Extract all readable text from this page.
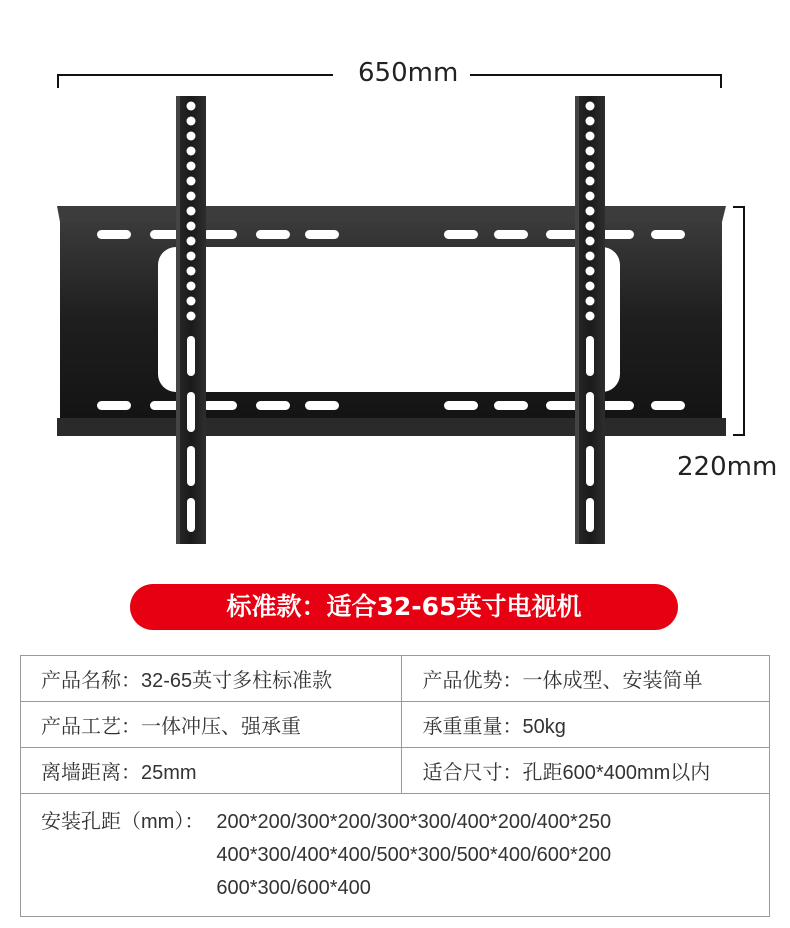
650mm
220mm
标准款：适合32-65英寸电视机
产品名称：32-65英寸多柱标准款	产品优势：一体成型、安装简单
产品工艺：一体冲压、强承重	承重重量：50kg
离墙距离：25mm	适合尺寸：孔距600*400mm以内
安装孔距（mm）： 200*200/300*200/300*300/400*200/400*250
400*300/400*400/500*300/500*400/600*200
600*300/600*400	
